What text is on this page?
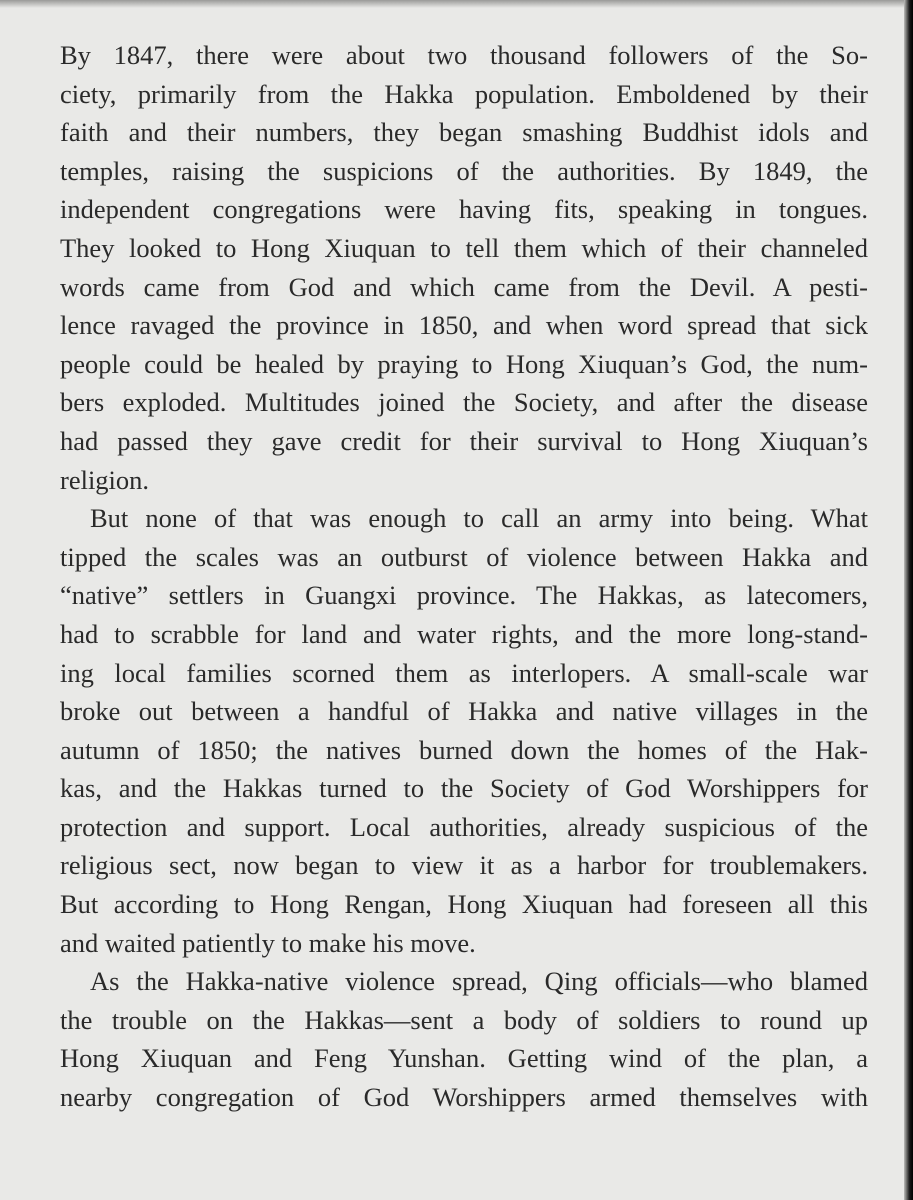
By 1847, there were about two thousand followers of the So-
ciety, primarily from the Hakka population. Emboldened by their
faith and their numbers, they began smashing Buddhist idols and
temples, raising the suspicions of the authorities. By 1849, the
independent congregations were having fits, speaking in tongues.
They looked to Hong Xiuquan to tell them which of their channeled
words came from God and which came from the Devil. A pesti-
lence ravaged the province in 1850, and when word spread that sick
people could be healed by praying to Hong Xiuquan’s God, the num-
bers exploded. Multitudes joined the Society, and after the disease
had passed they gave credit for their survival to Hong Xiuquan’s
religion.
But none of that was enough to call an army into being. What
tipped the scales was an outburst of violence between Hakka and
“native” settlers in Guangxi province. The Hakkas, as latecomers,
had to scrabble for land and water rights, and the more long-stand-
ing local families scorned them as interlopers. A small-scale war
broke out between a handful of Hakka and native villages in the
autumn of 1850; the natives burned down the homes of the Hak-
kas, and the Hakkas turned to the Society of God Worshippers for
protection and support. Local authorities, already suspicious of the
religious sect, now began to view it as a harbor for troublemakers.
But according to Hong Rengan, Hong Xiuquan had foreseen all this
and waited patiently to make his move.
As the Hakka-native violence spread, Qing officials—who blamed
the trouble on the Hakkas—sent a body of soldiers to round up
Hong Xiuquan and Feng Yunshan. Getting wind of the plan, a
nearby congregation of God Worshippers armed themselves with
